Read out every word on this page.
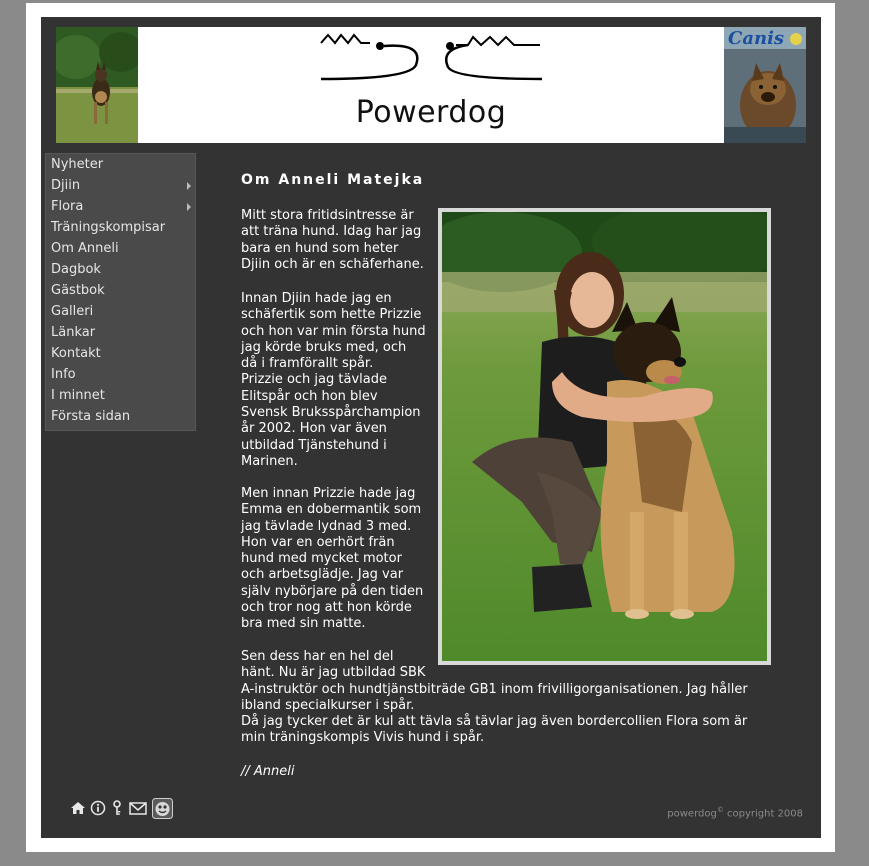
Powerdog
Canis
Nyheter
Djiin
Flora
Träningskompisar
Om Anneli
Dagbok
Gästbok
Galleri
Länkar
Kontakt
Info
I minnet
Första sidan
Om Anneli Matejka
Mitt stora fritidsintresse är
att träna hund. Idag har jag
bara en hund som heter
Djiin och är en schäferhane.
Innan Djiin hade jag en
schäfertik som hette Prizzie
och hon var min första hund
jag körde bruks med, och
då i framförallt spår.
Prizzie och jag tävlade
Elitspår och hon blev
Svensk Bruksspårchampion
år 2002. Hon var även
utbildad Tjänstehund i
Marinen.
Men innan Prizzie hade jag
Emma en dobermantik som
jag tävlade lydnad 3 med.
Hon var en oerhört frän
hund med mycket motor
och arbetsglädje. Jag var
själv nybörjare på den tiden
och tror nog att hon körde
bra med sin matte.
Sen dess har en hel del
hänt. Nu är jag utbildad SBK
A-instruktör och hundtjänstbiträde GB1 inom frivilligorganisationen. Jag håller
ibland specialkurser i spår.
Då jag tycker det är kul att tävla så tävlar jag även bordercollien Flora som är
min träningskompis Vivis hund i spår.
// Anneli
powerdog© copyright 2008
